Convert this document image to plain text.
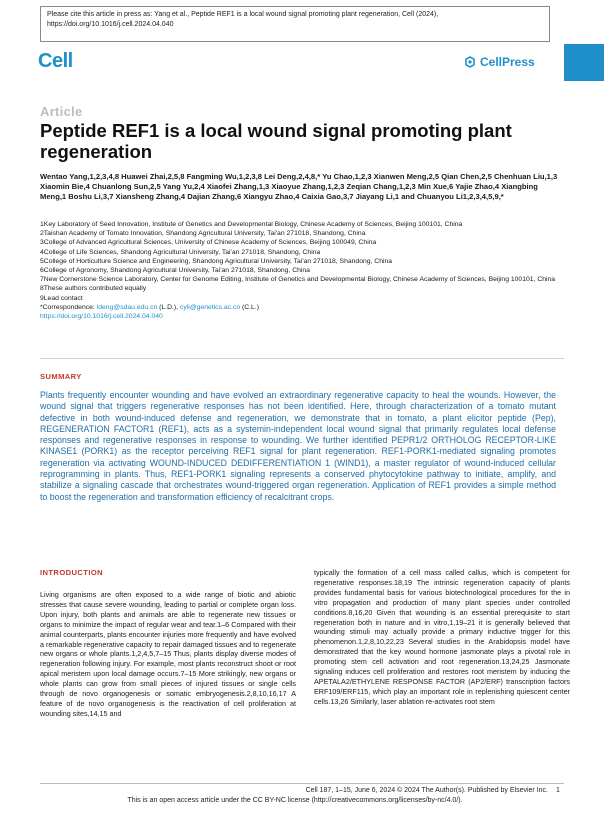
Please cite this article in press as: Yang et al., Peptide REF1 is a local wound signal promoting plant regeneration, Cell (2024), https://doi.org/10.1016/j.cell.2024.04.040
Cell	CellPress
Article
Peptide REF1 is a local wound signal promoting plant regeneration
Wentao Yang,1,2,3,4,8 Huawei Zhai,2,5,8 Fangming Wu,1,2,3,8 Lei Deng,2,4,8,* Yu Chao,1,2,3 Xianwen Meng,2,5 Qian Chen,2,5 Chenhuan Liu,1,3 Xiaomin Bie,4 Chuanlong Sun,2,5 Yang Yu,2,4 Xiaofei Zhang,1,3 Xiaoyue Zhang,1,2,3 Zeqian Chang,1,2,3 Min Xue,6 Yajie Zhao,4 Xiangbing Meng,1 Boshu Li,3,7 Xiansheng Zhang,4 Dajian Zhang,6 Xiangyu Zhao,4 Caixia Gao,3,7 Jiayang Li,1 and Chuanyou Li1,2,3,4,5,9,*
1Key Laboratory of Seed Innovation, Institute of Genetics and Developmental Biology, Chinese Academy of Sciences, Beijing 100101, China
2Taishan Academy of Tomato Innovation, Shandong Agricultural University, Tai'an 271018, Shandong, China
3College of Advanced Agricultural Sciences, University of Chinese Academy of Sciences, Beijing 100049, China
4College of Life Sciences, Shandong Agricultural University, Tai'an 271018, Shandong, China
5College of Horticulture Science and Engineering, Shandong Agricultural University, Tai'an 271018, Shandong, China
6College of Agronomy, Shandong Agricultural University, Tai'an 271018, Shandong, China
7New Cornerstone Science Laboratory, Center for Genome Editing, Institute of Genetics and Developmental Biology, Chinese Academy of Sciences, Beijing 100101, China
8These authors contributed equally
9Lead contact
*Correspondence: ldeng@sdau.edu.cn (L.D.), cyli@genetics.ac.cn (C.L.)
https://doi.org/10.1016/j.cell.2024.04.040
SUMMARY
Plants frequently encounter wounding and have evolved an extraordinary regenerative capacity to heal the wounds. However, the wound signal that triggers regenerative responses has not been identified. Here, through characterization of a tomato mutant defective in both wound-induced defense and regeneration, we demonstrate that in tomato, a plant elicitor peptide (Pep), REGENERATION FACTOR1 (REF1), acts as a systemin-independent local wound signal that primarily regulates local defense responses and regenerative responses in response to wounding. We further identified PEPR1/2 ORTHOLOG RECEPTOR-LIKE KINASE1 (PORK1) as the receptor perceiving REF1 signal for plant regeneration. REF1-PORK1-mediated signaling promotes regeneration via activating WOUND-INDUCED DEDIFFERENTIATION 1 (WIND1), a master regulator of wound-induced cellular reprogramming in plants. Thus, REF1-PORK1 signaling represents a conserved phytocytokine pathway to initiate, amplify, and stabilize a signaling cascade that orchestrates wound-triggered organ regeneration. Application of REF1 provides a simple method to boost the regeneration and transformation efficiency of recalcitrant crops.
INTRODUCTION
Living organisms are often exposed to a wide range of biotic and abiotic stresses that cause severe wounding, leading to partial or complete organ loss. Upon injury, both plants and animals are able to regenerate new tissues or organs to minimize the impact of regular wear and tear.1–6 Compared with their animal counterparts, plants encounter injuries more frequently and have evolved a remarkable regenerative capacity to repair damaged tissues and to regenerate new organs or whole plants.1,2,4,5,7–15 Thus, plants display diverse modes of regeneration following injury. For example, most plants reconstruct shoot or root apical meristem upon local damage occurs.7–15 More strikingly, new organs or whole plants can grow from small pieces of injured tissues or single cells through de novo organogenesis or somatic embryogenesis.2,8,10,16,17 A feature of de novo organogenesis is the reactivation of cell proliferation at wounding sites,14,15 and
typically the formation of a cell mass called callus, which is competent for regenerative responses.18,19 The intrinsic regeneration capacity of plants provides fundamental basis for various biotechnological procedures for the in vitro propagation and production of many plant species under controlled conditions.8,16,20 Given that wounding is an essential prerequisite to start regeneration both in nature and in vitro,1,19–21 it is generally believed that wounding stimuli may actually provide a primary inductive trigger for this phenomenon.1,2,8,10,22,23 Several studies in the Arabidopsis model have demonstrated that the key wound hormone jasmonate plays a pivotal role in promoting stem cell activation and root regeneration.13,24,25 Jasmonate signaling induces cell proliferation and restores root meristem by inducing the APETALA2/ETHYLENE RESPONSE FACTOR (AP2/ERF) transcription factors ERF109/ERF115, which play an important role in replenishing quiescent center cells.13,26 Similarly, laser ablation re-activates root stem
Cell 187, 1–15, June 6, 2024 © 2024 The Author(s). Published by Elsevier Inc. 1
This is an open access article under the CC BY-NC license (http://creativecommons.org/licenses/by-nc/4.0/).
